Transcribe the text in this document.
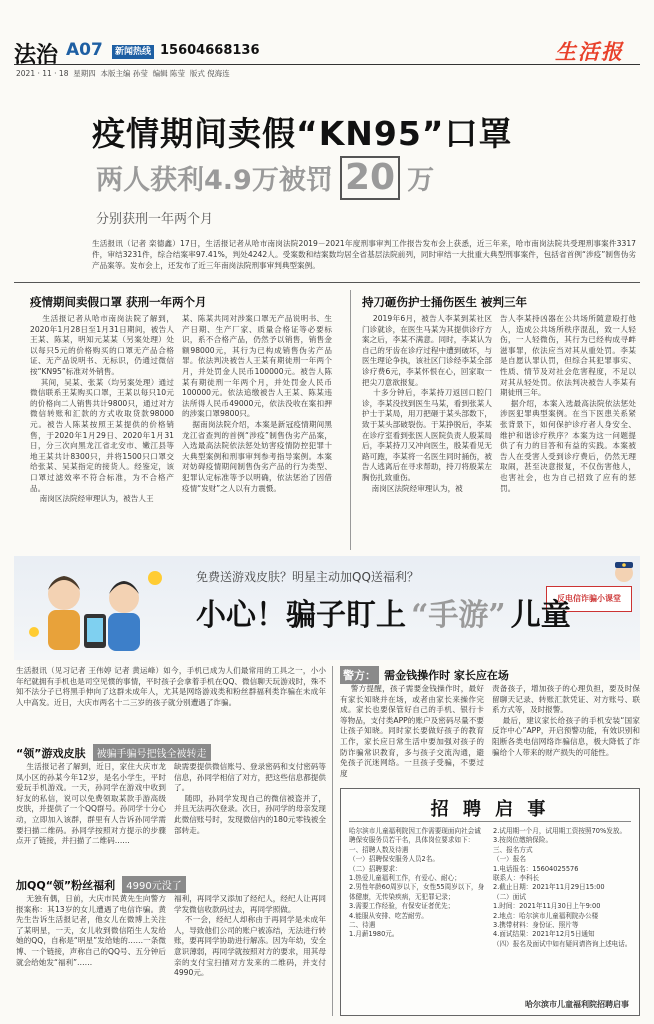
法治 A07	新闻热线 15604668136	生活报
2021 · 11 · 18  星期四  本版主编 孙莹  编辑 陈莹  版式 倪海连
疫情期间卖假“KN95”口罩
两人获利4.9万被罚 20 万
分别获刑一年两个月
生活报讯（记者 栾德鑫）17日，生活报记者从哈市南岗法院2019－2021年度刑事审判工作报告发布会上获悉，近三年来，哈市南岗法院共受理刑事案件3317件，审结3231件，综合结案率97.41%，判处4242人。受案数和结案数均居全省基层法院前列，同时审结一大批重大典型刑事案件，包括省首例“涉疫”制售伪劣产品案等。发布会上，还发布了近三年南岗法院刑事审判典型案例。
疫情期间卖假口罩 获刑一年两个月
生活报记者从哈市南岗法院了解到，2020年1月28日至1月31日期间，被告人王某、陈某，明知元某某（另案处理）处以每只5元的价格购买的口罩无产品合格证、无产品说明书、无标识，仍通过微信按“KN95”标准对外销售。
其间，吴某、张某（均另案处理）通过微信联系王某购买口罩，王某以每只10元的价格向二人销售共计9800只，通过对方微信转账和汇款的方式收取货款98000元。被告人陈某按照王某提供的价格销售，于2020年1月29日、2020年1月31日，分三次向黑龙江省北安市、嫩江县等地王某共计8300只，并将1500只口罩交给张某、吴某指定的接货人。经鉴定，该口罩过滤效率不符合标准，为不合格产品。
南岗区法院经审理认为，被告人王
某、陈某共同对涉案口罩无产品说明书、生产日期、生产厂家、质量合格证等必要标识，系不合格产品，仍然予以销售，销售金额98000元，其行为已构成销售伪劣产品罪。依法判决被告人王某有期徒刑一年两个月，并处罚金人民币100000元。被告人陈某有期徒刑一年两个月，并处罚金人民币100000元。依法追缴被告人王某、陈某违法所得人民币49000元，依法没收在案扣押的涉案口罩9800只。
据南岗法院介绍，本案是新冠疫情期间黑龙江省查判的首例“涉疫”制售伪劣产品案，入选最高法院依法惩处妨害疫情防控犯罪十大典型案例和刑事审判参考指导案例。本案对妨碍疫情期间制售伪劣产品的行为类型、犯罪认定标准等予以明确，依法惩治了因借疫情“发财”之人以有力震慑。
持刀砸伤护士捅伤医生 被判三年
2019年6月，被告人李某到某社区门诊就诊，在医生马某为其提供诊疗方案之后，李某不满意。同时，李某认为自己的牙齿在诊疗过程中遭到破坏，与医生理论争执，该社区门诊经李某全部诊疗费6元，李某怀恨在心，回家取一把尖刀意欲报复。
十多分钟后，李某持刀返回口腔门诊，李某没找到医生马某，看到张某人护士于某局，用刀把砸于某头部数下，致于某头部破裂伤。于某挣脱后，李某在诊疗室看到张医人医院负责人殷某局后，李某持刀又冲向医生，殷某看见无路可跑，李某将一名医生同时捅伤，被告人逃离后在寻求帮助，持刀将殷某左胸伤扎致重伤。
南岗区法院经审理认为，被
告人李某持凶器在公共场所随意殴打他人，造成公共场所秩序混乱，致一人轻伤，一人轻微伤，其行为已经构成寻衅滋事罪，依法应当对其从重处罚。李某是自愿认罪认罚，但综合其犯罪事实、性质、情节及对社会危害程度，不足以对其从轻处罚。依法判决被告人李某有期徒刑三年。
据介绍，本案入选最高法院依法惩处涉医犯罪典型案例。在当下医患关系紧张背景下，如何保护诊疗者人身安全、维护和谐诊疗秩序？本案为这一问题提供了有力的目答和有益的实践。本案被告人在受害人受到诊疗费后，仍然无理取闹，甚至决意报复，不仅伤害他人，也害社会，也为自己招致了应有的惩罚。
反电信诈骗小课堂
免费送游戏皮肤？明星主动加QQ送福利？
小心！骗子盯上 “手游” 儿童
生活报讯（见习记者 王伟婷 记者 黄运峰）如今，手机已成为人们最常用的工具之一，小小年纪就拥有手机也是司空见惯的事情，平时孩子会拿着手机在QQ、微信聊天玩游戏时，殊不知不法分子已将黑手伸向了这群未成年人，尤其是网络游戏类和粉丝群福利类诈骗在未成年人中高发。近日，大庆市两名十二三岁的孩子就分别遭遇了诈骗。
“领”游戏皮肤 被骗手骗号把钱全被转走
生活报记者了解到，近日，家住大庆市龙凤小区的孙某今年12岁，是名小学生，平时爱玩手机游戏。一天，孙同学在游戏中收到好友的私信，说可以免费领取某款手游高级皮肤，并提供了一个QQ群号。孙同学十分心动，立即加入该群，群里有人告诉孙同学需要扫描二维码。孙同学按照对方提示的步骤点开了链接，并扫描了二维码……
缺需要提供微信账号、登录密码和支付密码等信息，孙同学相信了对方，把这些信息都提供了。
随即，孙同学发现自己的微信被盗并了，并且无法再次登录。次日，孙同学的母亲发现此微信账号时，发现微信内的180元零钱被全部转走。
加QQ“领”粉丝福利 4990元没了
无独有偶，日前，大庆市民黄先生向警方报案称：其13岁的女儿遭遇了电信诈骗。黄先生告诉生活报记者，他女儿在微博上关注了某明星，一天，女儿收到微信陌生人发给她的QQ，自称是“明星”发给她的……一条微博、一个链接，声称自己的QQ号、五分钟后就会给她发“福利”……
福利，再同学又添加了经纪人，经纪人让再同学发微信收款码过去，再同学照做。
不一会，经纪人却称由于再同学是未成年人，导致他们公司的账户被冻结，无法进行转账，要再同学协助进行解冻。因为年幼，安全意识薄弱，再同学就按照对方的要求，用其母亲的支付宝扫描对方发来的二维码，并支付4990元。
警方： 需金钱操作时 家长应在场
警方提醒，孩子需要金钱操作时，最好有家长知晓并在场，或者由家长来操作完成。家长也要保管好自己的手机、银行卡等物品，支付类APP的账户及密码尽量不要让孩子知晓。同时家长要做好孩子的教育工作，家长应日常生活中要加强对孩子的防诈骗常识教育，多与孩子交流沟通，避免孩子沉迷网络。一旦孩子受骗，不要过度
责备孩子，增加孩子的心理负担，要及时保留聊天记录、转账汇款凭证、对方账号、联系方式等，及时报警。
最后，建议家长给孩子的手机安装“国家反诈中心”APP，开启预警功能，有效识别和阻断各类电信网络诈骗信息，极大降低了诈骗给个人带来的财产损失的可能性。
招 聘 启 事
哈尔滨市儿童福利院因工作需要现面向社会诚聘保安服务员若干名，具体岗位要求如下：
一、招聘人数及待遇
（一）招聘保安服务人员2名。
（二）招聘要求：
1.热爱儿童福利工作，有爱心、耐心；
2.男性年龄60周岁以下，女性55周岁以下，身体健康，无传染疾病，无犯罪记录；
3.需要工作经验，有保安证者优先；
4.能服从安排、吃苦耐劳。
二、待遇
1.月薪1980元。
2.试用期一个月，试用期工资按照70%发放。
3.按岗位缴纳保险。
三、报名方式
（一）报名
1.电话报名：15604025576
联系人：李科长
2.截止日期：2021年11月29日15:00
（二）面试
1.时间：2021年11月30日上午9:00
2.地点：哈尔滨市儿童福利院办公楼
3.携带材料：身份证、照片等
4.面试结果：2021年12月5日通知
（四）报名及面试中如有疑问请咨询上述电话。
哈尔滨市儿童福利院招聘启事
